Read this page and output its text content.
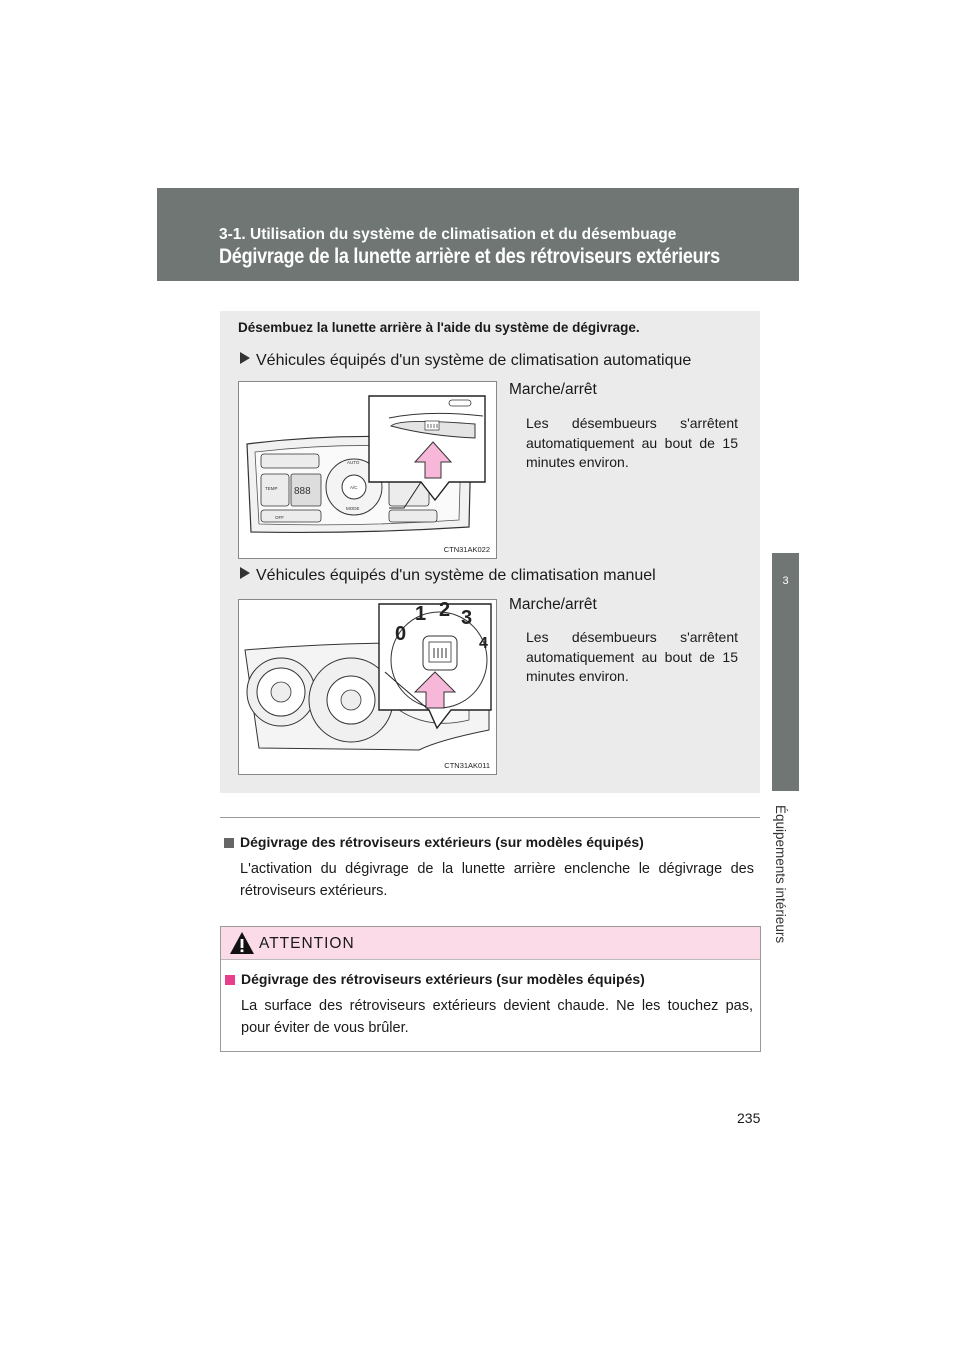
3-1. Utilisation du système de climatisation et du désembuage
Dégivrage de la lunette arrière et des rétroviseurs extérieurs
3
Équipements intérieurs
Désembuez la lunette arrière à l'aide du système de dégivrage.
Véhicules équipés d'un système de climatisation automatique
Marche/arrêt
Les désembueurs s'arrêtent automatiquement au bout de 15 minutes environ.
888
TEMP
OFF
AUTO
A/C
MODE
CTN31AK022
Véhicules équipés d'un système de climatisation manuel
Marche/arrêt
Les désembueurs s'arrêtent automatiquement au bout de 15 minutes environ.
0
1 2 3
4
CTN31AK011
Dégivrage des rétroviseurs extérieurs (sur modèles équipés)
L'activation du dégivrage de la lunette arrière enclenche le dégivrage des rétroviseurs extérieurs.
ATTENTION
Dégivrage des rétroviseurs extérieurs (sur modèles équipés)
La surface des rétroviseurs extérieurs devient chaude. Ne les touchez pas, pour éviter de vous brûler.
235
